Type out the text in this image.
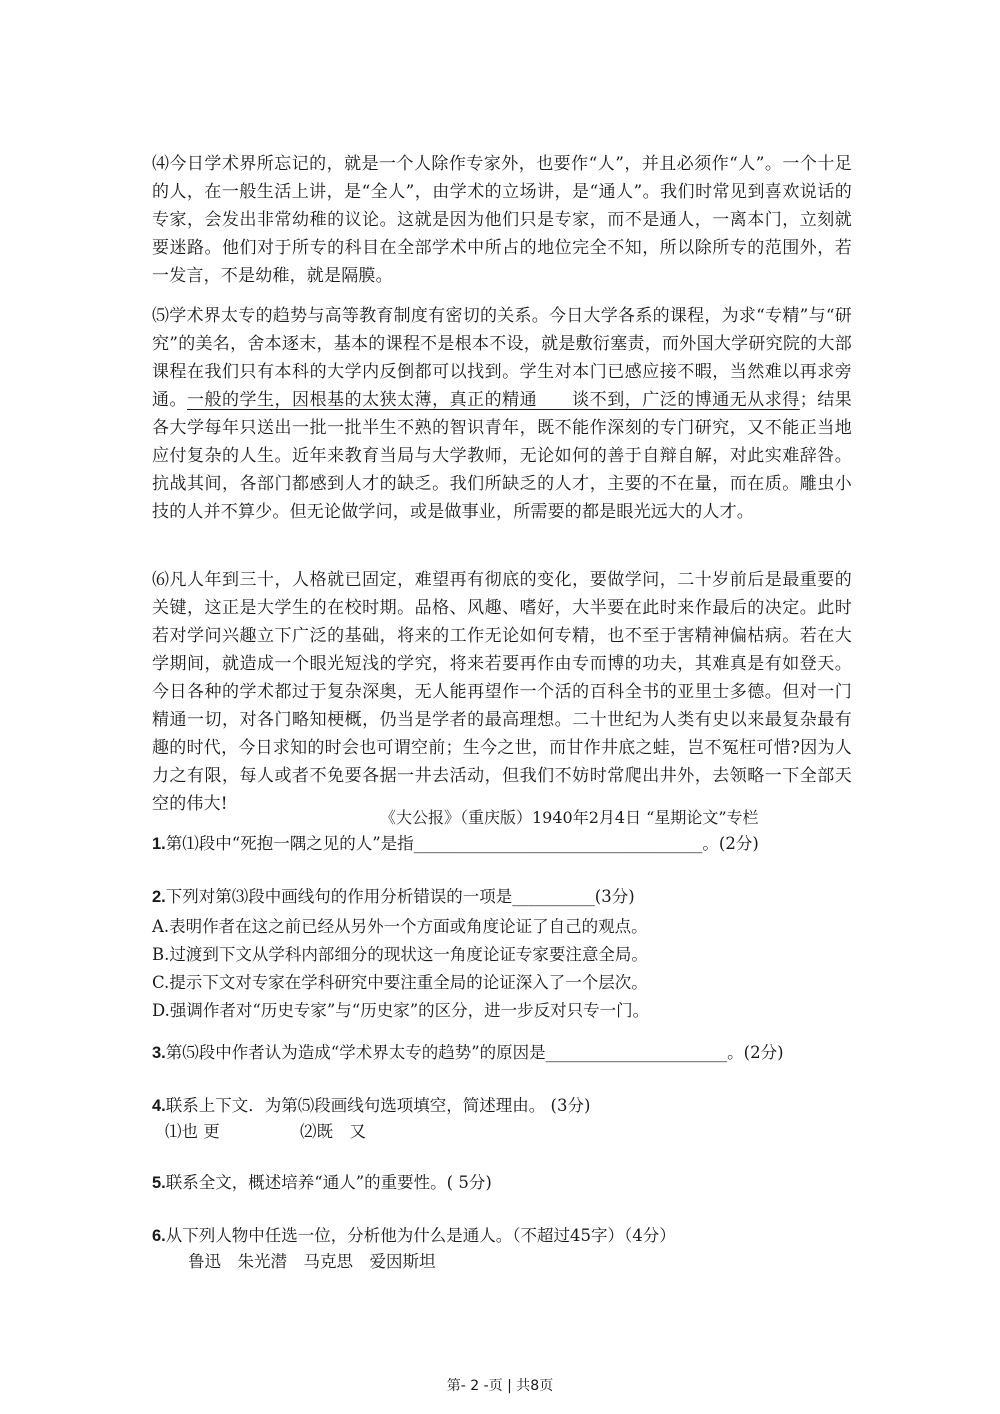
⑷今日学术界所忘记的，就是一个人除作专家外，也要作“人”，并且必须作“人”。一个十足的人，在一般生活上讲，是“全人”，由学术的立场讲，是“通人”。我们时常见到喜欢说话的专家，会发出非常幼稚的议论。这就是因为他们只是专家，而不是通人，一离本门，立刻就要迷路。他们对于所专的科目在全部学术中所占的地位完全不知，所以除所专的范围外，若一发言，不是幼稚，就是隔膜。

⑸学术界太专的趋势与高等教育制度有密切的关系。今日大学各系的课程，为求“专精”与“研究”的美名，舍本逐末，基本的课程不是根本不设，就是敷衍塞责，而外国大学研究院的大部课程在我们只有本科的大学内反倒都可以找到。学生对本门已感应接不暇，当然难以再求旁通。一般的学生，因根基的太狭太薄，真正的精通　　谈不到，广泛的博通无从求得；结果各大学每年只送出一批一批半生不熟的智识青年，既不能作深刻的专门研究，又不能正当地应付复杂的人生。近年来教育当局与大学教师，无论如何的善于自辩自解，对此实难辞咎。抗战其间，各部门都感到人才的缺乏。我们所缺乏的人才，主要的不在量，而在质。雕虫小技的人并不算少。但无论做学问，或是做事业，所需要的都是眼光远大的人才。

⑹凡人年到三十，人格就已固定，难望再有彻底的变化，要做学问，二十岁前后是最重要的关键，这正是大学生的在校时期。品格、风趣、嗜好，大半要在此时来作最后的决定。此时若对学问兴趣立下广泛的基础，将来的工作无论如何专精，也不至于害精神偏枯病。若在大学期间，就造成一个眼光短浅的学究，将来若要再作由专而博的功夫，其难真是有如登天。今日各种的学术都过于复杂深奥，无人能再望作一个活的百科全书的亚里士多德。但对一门精通一切，对各门略知梗概，仍当是学者的最高理想。二十世纪为人类有史以来最复杂最有趣的时代，今日求知的时会也可谓空前；生今之世，而甘作井底之蛙，岂不冤枉可惜?因为人力之有限，每人或者不免要各据一井去活动，但我们不妨时常爬出井外，去领略一下全部天空的伟大!

《大公报》（重庆版）1940年2月4日 “星期论文”专栏
1.第⑴段中“死抱一隅之见的人”是指___________________________________。(2分)
2.下列对第⑶段中画线句的作用分析错误的一项是__________(3分)
A.表明作者在这之前已经从另外一个方面或角度论证了自己的观点。
B.过渡到下文从学科内部细分的现状这一角度论证专家要注意全局。
C.提示下文对专家在学科研究中要注重全局的论证深入了一个层次。
D.强调作者对“历史专家”与“历史家”的区分，进一步反对只专一门。
3.第⑸段中作者认为造成“学术界太专的趋势”的原因是______________________。(2分)
4.联系上下文．为第⑸段画线句选项填空，简述理由。 (3分)
⑴也 更	⑵既　又
5.联系全文，概述培养“通人”的重要性。( 5分)
6.从下列人物中任选一位，分析他为什么是通人。（不超过45字）（4分）
鲁迅　朱光潜　马克思　爱因斯坦
第- 2 -页 | 共8页
